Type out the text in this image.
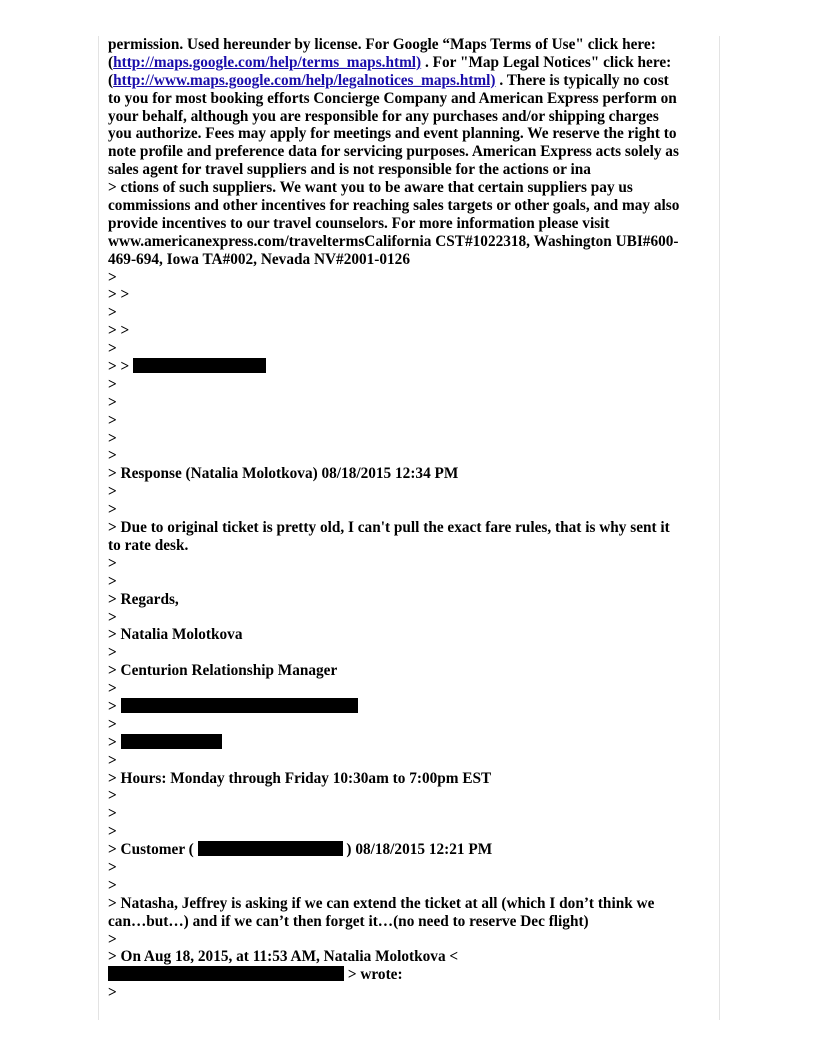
permission. Used hereunder by license. For Google “Maps Terms of Use" click here:
(http://maps.google.com/help/terms_maps.html) . For "Map Legal Notices" click here:
(http://www.maps.google.com/help/legalnotices_maps.html) . There is typically no cost
to you for most booking efforts Concierge Company and American Express perform on
your behalf, although you are responsible for any purchases and/or shipping charges
you authorize. Fees may apply for meetings and event planning. We reserve the right to
note profile and preference data for servicing purposes. American Express acts solely as
sales agent for travel suppliers and is not responsible for the actions or ina
> ctions of such suppliers. We want you to be aware that certain suppliers pay us
commissions and other incentives for reaching sales targets or other goals, and may also
provide incentives to our travel counselors. For more information please visit
www.americanexpress.com/traveltermsCalifornia CST#1022318, Washington UBI#600-
469-694, Iowa TA#002, Nevada NV#2001-0126
>
> >
>
> >
>
> >
>
>
>
>
>
> Response (Natalia Molotkova) 08/18/2015 12:34 PM
>
>
> Due to original ticket is pretty old, I can't pull the exact fare rules, that is why sent it
to rate desk.
>
>
> Regards,
>
> Natalia Molotkova
>
> Centurion Relationship Manager
>
>
>
>
>
> Hours: Monday through Friday 10:30am to 7:00pm EST
>
>
>
> Customer (	) 08/18/2015 12:21 PM
>
>
> Natasha, Jeffrey is asking if we can extend the ticket at all (which I don’t think we
can…but…) and if we can’t then forget it…(no need to reserve Dec flight)
>
> On Aug 18, 2015, at 11:53 AM, Natalia Molotkova <
> wrote:
>
